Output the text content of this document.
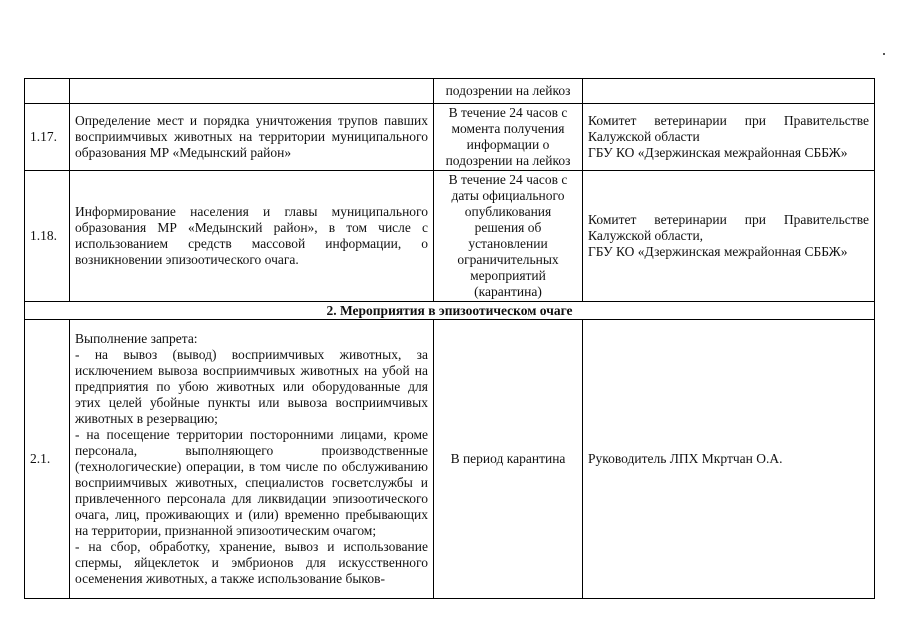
		подозрении на лейкоз	
1.17.	Определение мест и порядка уничтожения трупов павших восприимчивых животных на территории муниципального образования МР «Медынский район»	В течение 24 часов с момента получения информации о подозрении на лейкоз	Комитет ветеринарии при Правительстве Калужской области
ГБУ КО «Дзержинская межрайонная СББЖ»
1.18.	Информирование населения и главы муниципального образования МР «Медынский район», в том числе с использованием средств массовой информации, о возникновении эпизоотического очага.	В течение 24 часов с даты официального опубликования решения об установлении ограничительных мероприятий (карантина)	Комитет ветеринарии при Правительстве Калужской области,
ГБУ КО «Дзержинская межрайонная СББЖ»
2. Мероприятия в эпизоотическом очаге			
2.1.	Выполнение запрета:
- на вывоз (вывод) восприимчивых животных, за исключением вывоза восприимчивых животных на убой на предприятия по убою животных или оборудованные для этих целей убойные пункты или вывоза восприимчивых животных в резервацию;
- на посещение территории посторонними лицами, кроме персонала, выполняющего производственные (технологические) операции, в том числе по обслуживанию восприимчивых животных, специалистов госветслужбы и привлеченного персонала для ликвидации эпизоотического очага, лиц, проживающих и (или) временно пребывающих на территории, признанной эпизоотическим очагом;
- на сбор, обработку, хранение, вывоз и использование спермы, яйцеклеток и эмбрионов для искусственного осеменения животных, а также использование быков-	В период карантина	Руководитель ЛПХ Мкртчан О.А.
